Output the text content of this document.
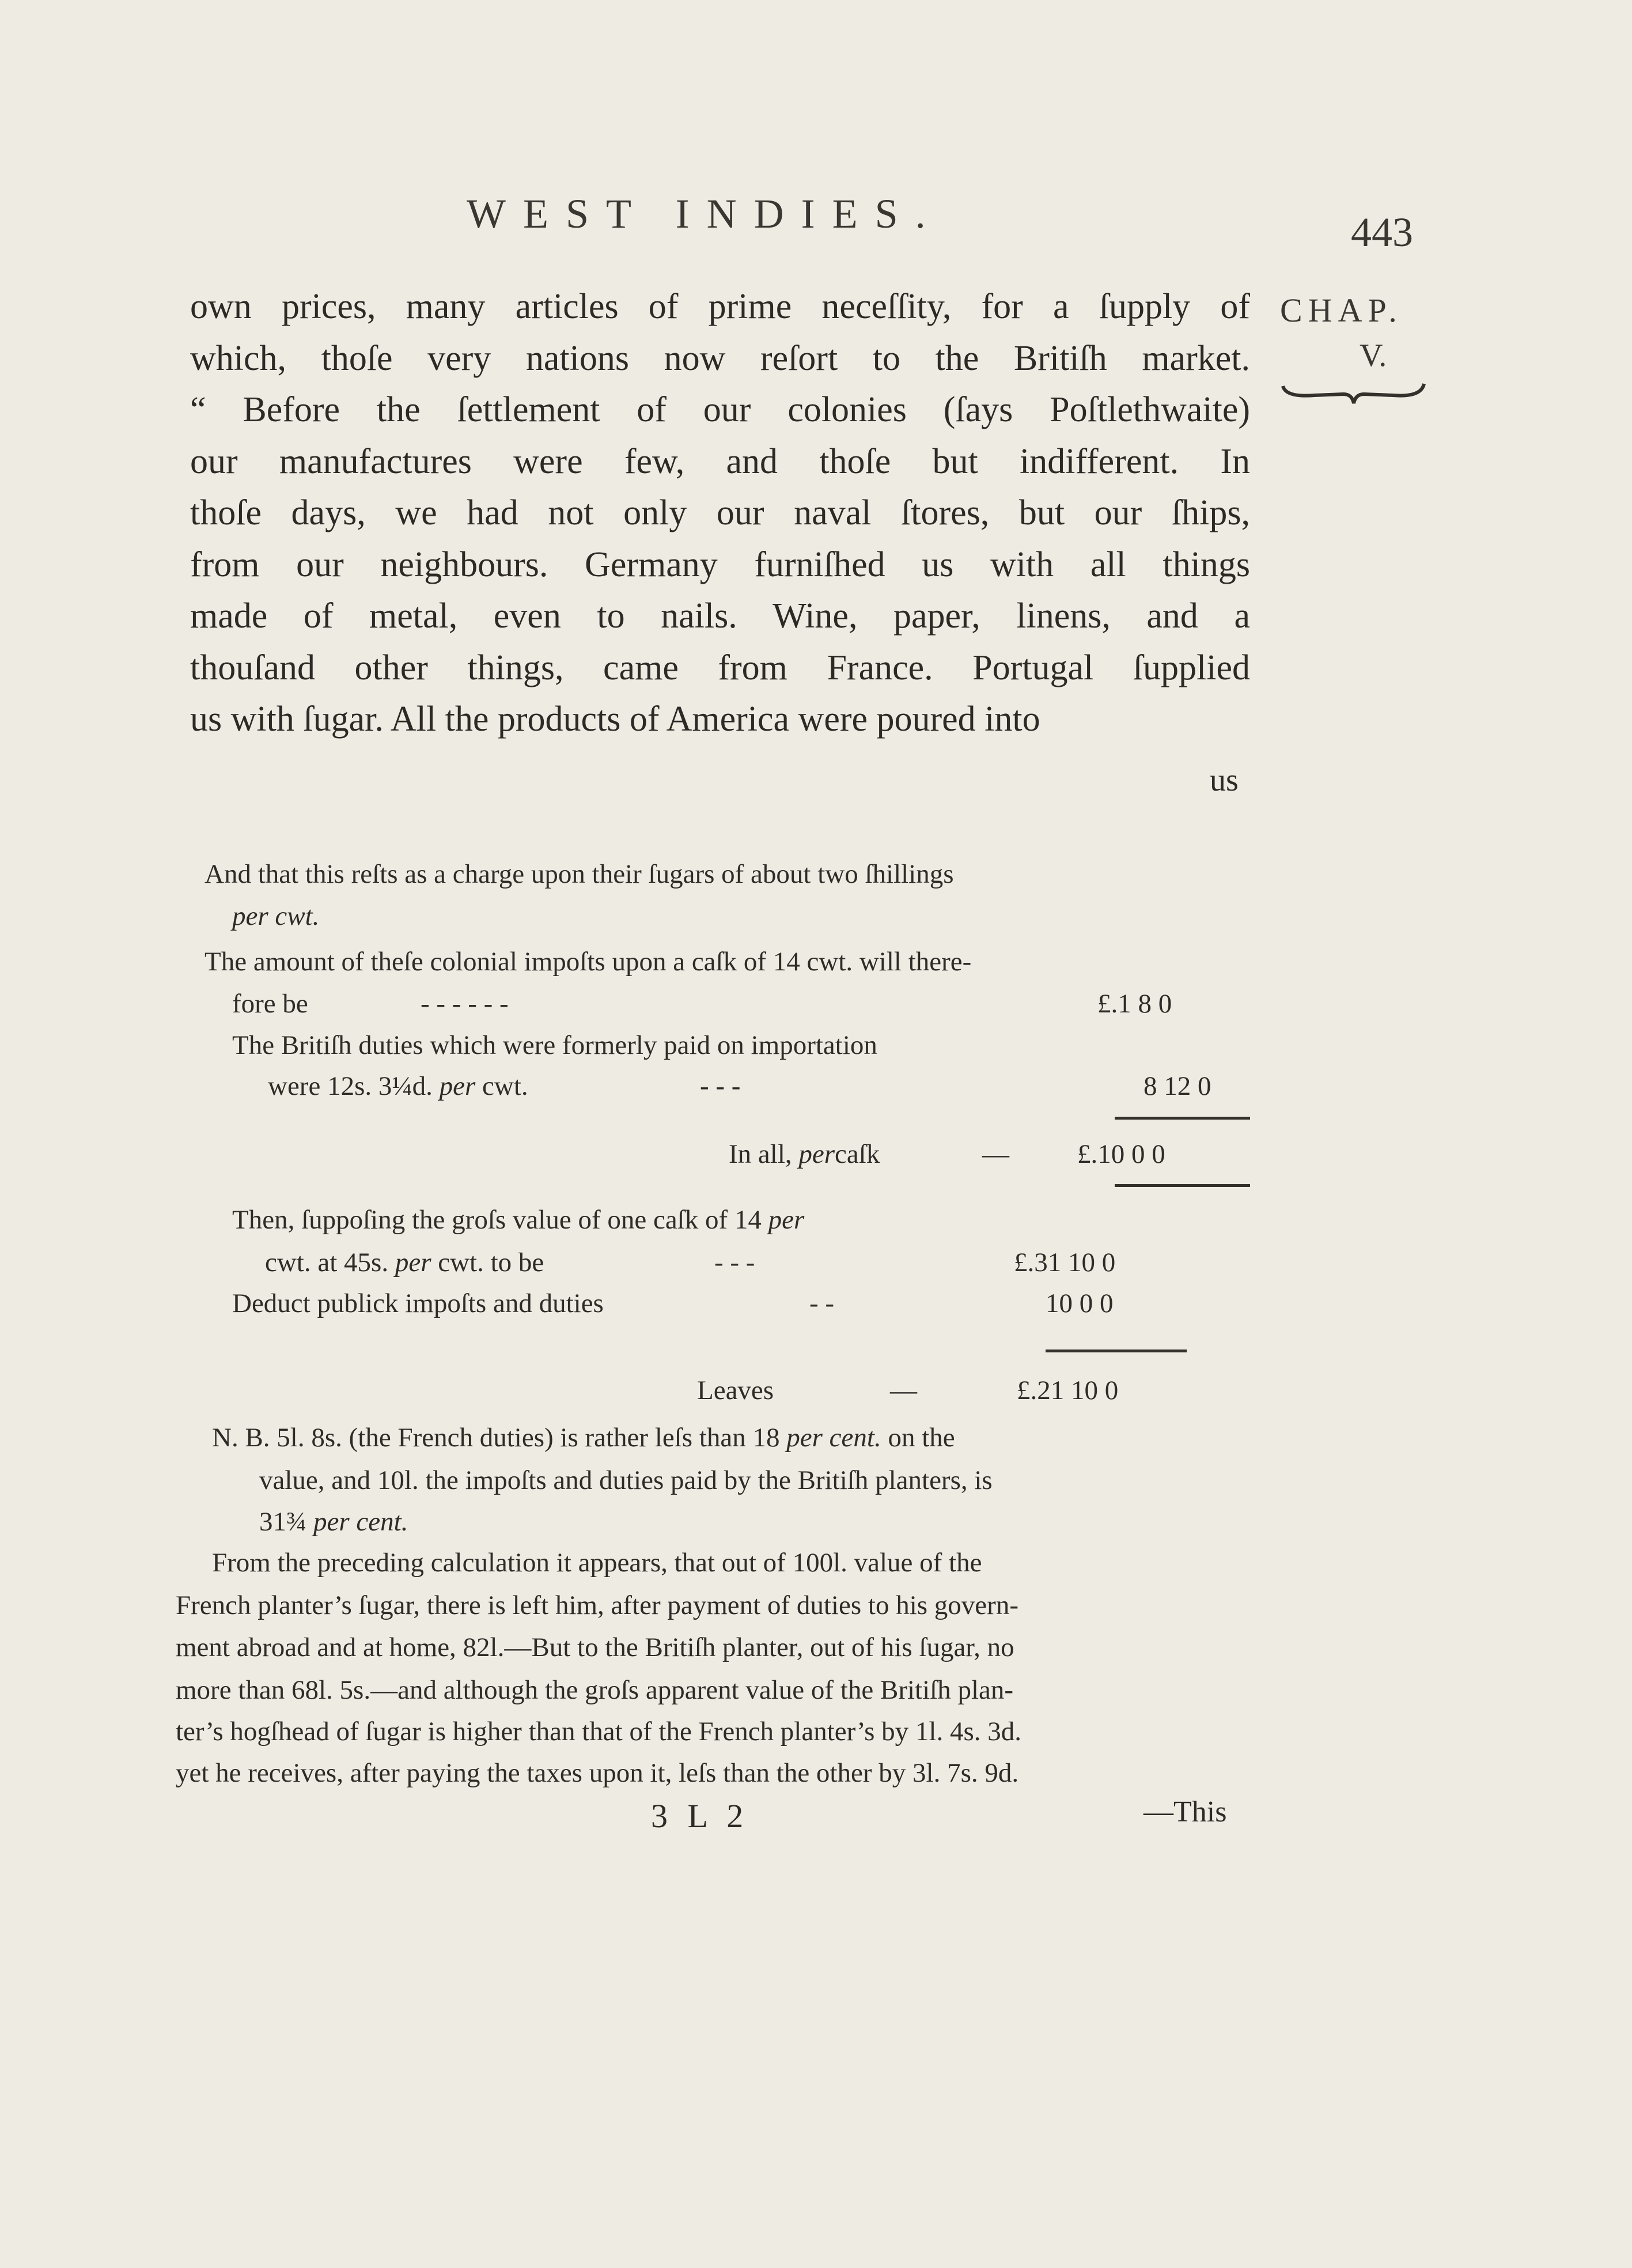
WEST INDIES.	443
CHAP.
V.
own prices, many articles of prime neceſſity, for a ſupply of
which, thoſe very nations now reſort to the Britiſh market.
“ Before the ſettlement of our colonies (ſays Poſtlethwaite)
our manufactures were few, and thoſe but indifferent. In
thoſe days, we had not only our naval ſtores, but our ſhips,
from our neighbours. Germany furniſhed us with all things
made of metal, even to nails. Wine, paper, linens, and a
thouſand other things, came from France. Portugal ſupplied
us with ſugar. All the products of America were poured into
us
And that this reſts as a charge upon their ſugars of about two ſhillings
per cwt.
The amount of theſe colonial impoſts upon a caſk of 14 cwt. will there-
fore be	- - - - - -	£.1 8 0
The Britiſh duties which were formerly paid on importation
were 12s. 3¼d. per cwt.	- - -	8 12 0
In all, percaſk	—	£.10 0 0
Then, ſuppoſing the groſs value of one caſk of 14 per
cwt. at 45s. per cwt. to be	- - -	£.31 10 0
Deduct publick impoſts and duties	- -	10 0 0
Leaves	—	£.21 10 0
N. B. 5l. 8s. (the French duties) is rather leſs than 18 per cent. on the
value, and 10l. the impoſts and duties paid by the Britiſh planters, is
31¾ per cent.
From the preceding calculation it appears, that out of 100l. value of the
French planter’s ſugar, there is left him, after payment of duties to his govern-
ment abroad and at home, 82l.—But to the Britiſh planter, out of his ſugar, no
more than 68l. 5s.—and although the groſs apparent value of the Britiſh plan-
ter’s hogſhead of ſugar is higher than that of the French planter’s by 1l. 4s. 3d.
yet he receives, after paying the taxes upon it, leſs than the other by 3l. 7s. 9d.
3 L 2	—This
